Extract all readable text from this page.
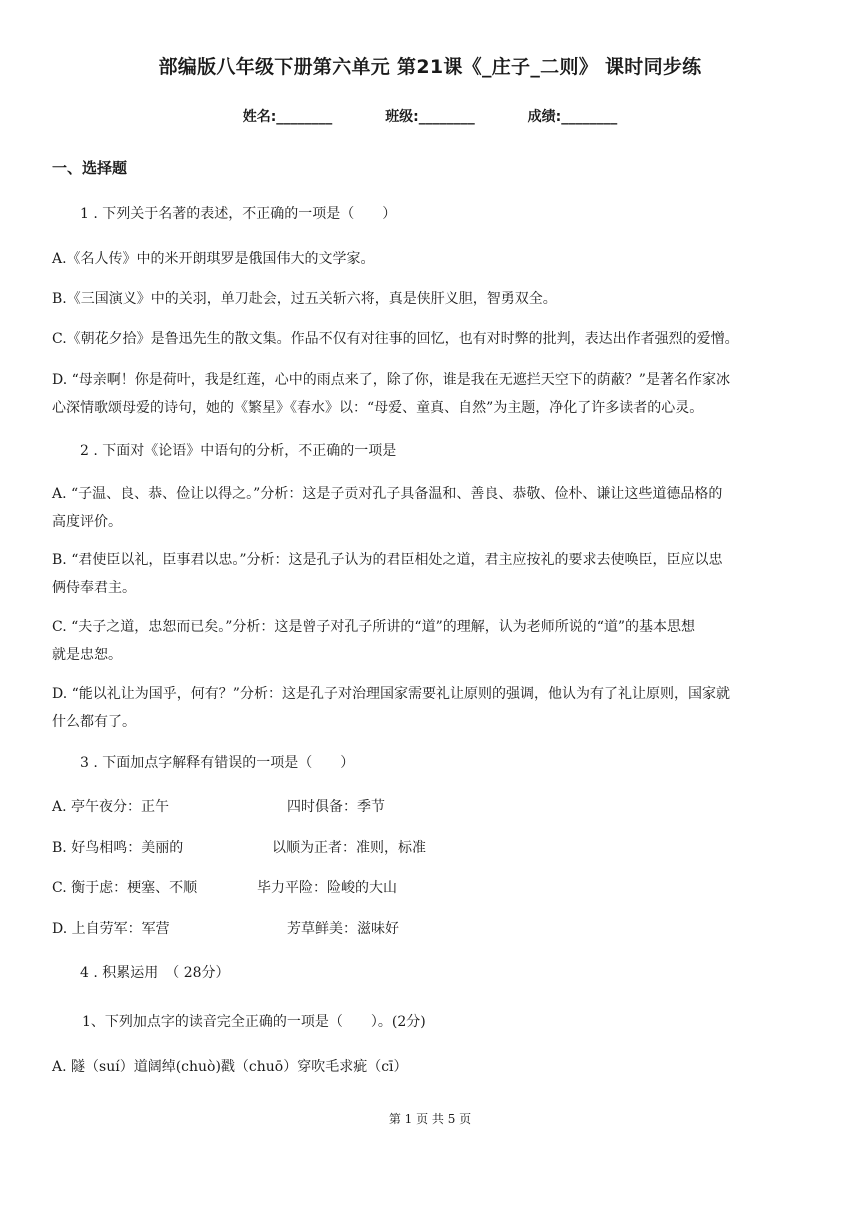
部编版八年级下册第六单元 第21课《_庄子_二则》 课时同步练
姓名:________	班级:________	成绩:________
一、选择题
1 . 下列关于名著的表述，不正确的一项是（　　）
A.《名人传》中的米开朗琪罗是俄国伟大的文学家。
B.《三国演义》中的关羽，单刀赴会，过五关斩六将，真是侠肝义胆，智勇双全。
C.《朝花夕拾》是鲁迅先生的散文集。作品不仅有对往事的回忆，也有对时弊的批判，表达出作者强烈的爱憎。
D. “母亲啊！你是荷叶，我是红莲，心中的雨点来了，除了你，谁是我在无遮拦天空下的荫蔽？”是著名作家冰
心深情歌颂母爱的诗句，她的《繁星》《春水》以：“母爱、童真、自然”为主题，净化了许多读者的心灵。
2 . 下面对《论语》中语句的分析，不正确的一项是
A. “子温、良、恭、俭让以得之。”分析：这是子贡对孔子具备温和、善良、恭敬、俭朴、谦让这些道德品格的
高度评价。
B. “君使臣以礼，臣事君以忠。”分析：这是孔子认为的君臣相处之道，君主应按礼的要求去使唤臣，臣应以忠
俩侍奉君主。
C. “夫子之道，忠恕而已矣。”分析：这是曾子对孔子所讲的“道”的理解，认为老师所说的“道”的基本思想
就是忠恕。
D. “能以礼让为国乎，何有？”分析：这是孔子对治理国家需要礼让原则的强调，他认为有了礼让原则，国家就
什么都有了。
3 . 下面加点字解释有错误的一项是（　　）
A. 亭午夜分：正午	四时俱备：季节
B. 好鸟相鸣：美丽的	以顺为正者：准则，标准
C. 衡于虑：梗塞、不顺	毕力平险：险峻的大山
D. 上自劳军：军营	芳草鲜美：滋味好
4 . 积累运用　（ 28分）
1、下列加点字的读音完全正确的一项是（　　）。(2分)
A. 隧（suí）道阔绰(chuò)戳（chuō）穿吹毛求疵（cī）
第 1 页 共 5 页
